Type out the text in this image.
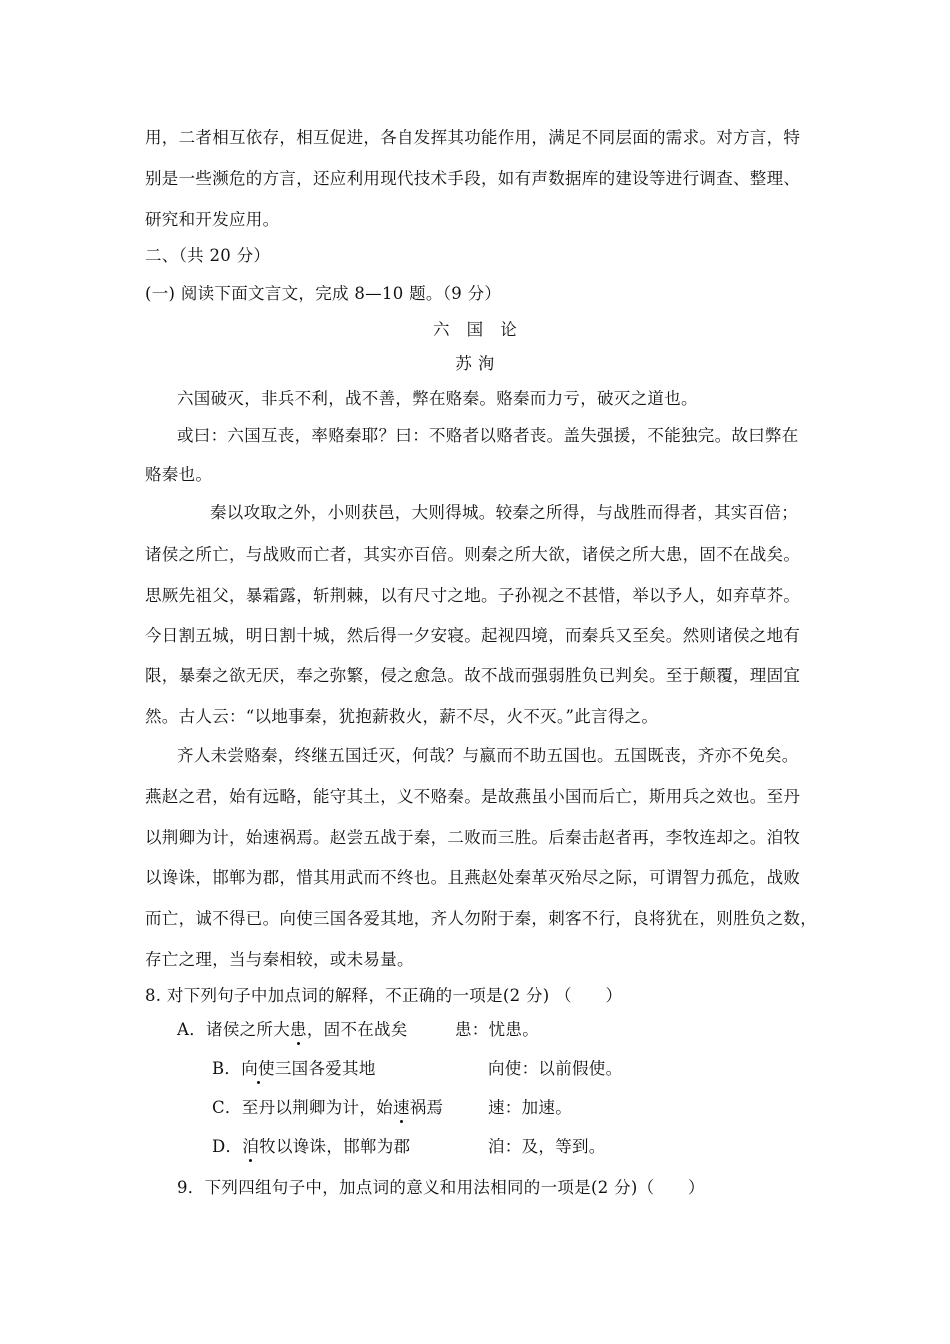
用，二者相互依存，相互促进，各自发挥其功能作用，满足不同层面的需求。对方言，特
别是一些濒危的方言，还应利用现代技术手段，如有声数据库的建设等进行调查、整理、
研究和开发应用。
二、（共 20 分）
(一) 阅读下面文言文，完成 8—10 题。（9 分）
六　国　论
苏 洵
六国破灭，非兵不利，战不善，弊在赂秦。赂秦而力亏，破灭之道也。
或曰：六国互丧，率赂秦耶？曰：不赂者以赂者丧。盖失强援，不能独完。故曰弊在
赂秦也。
秦以攻取之外，小则获邑，大则得城。较秦之所得，与战胜而得者，其实百倍；
诸侯之所亡，与战败而亡者，其实亦百倍。则秦之所大欲，诸侯之所大患，固不在战矣。
思厥先祖父，暴霜露，斩荆棘，以有尺寸之地。子孙视之不甚惜，举以予人，如弃草芥。
今日割五城，明日割十城，然后得一夕安寝。起视四境，而秦兵又至矣。然则诸侯之地有
限，暴秦之欲无厌，奉之弥繁，侵之愈急。故不战而强弱胜负已判矣。至于颠覆，理固宜
然。古人云：“以地事秦，犹抱薪救火，薪不尽，火不灭。”此言得之。
齐人未尝赂秦，终继五国迁灭，何哉？与嬴而不助五国也。五国既丧，齐亦不免矣。
燕赵之君，始有远略，能守其土，义不赂秦。是故燕虽小国而后亡，斯用兵之效也。至丹
以荆卿为计，始速祸焉。赵尝五战于秦，二败而三胜。后秦击赵者再，李牧连却之。洎牧
以谗诛，邯郸为郡，惜其用武而不终也。且燕赵处秦革灭殆尽之际，可谓智力孤危，战败
而亡，诚不得已。向使三国各爱其地，齐人勿附于秦，刺客不行，良将犹在，则胜负之数，
存亡之理，当与秦相较，或未易量。
8. 对下列句子中加点词的解释，不正确的一项是(2 分) （　　）
A．诸侯之所大患，固不在战矣	患：忧患。
B．向使三国各爱其地	向使：以前假使。
C．至丹以荆卿为计，始速祸焉	速：加速。
D．洎牧以谗诛，邯郸为郡	洎：及，等到。
9．下列四组句子中，加点词的意义和用法相同的一项是(2 分)（　　）
